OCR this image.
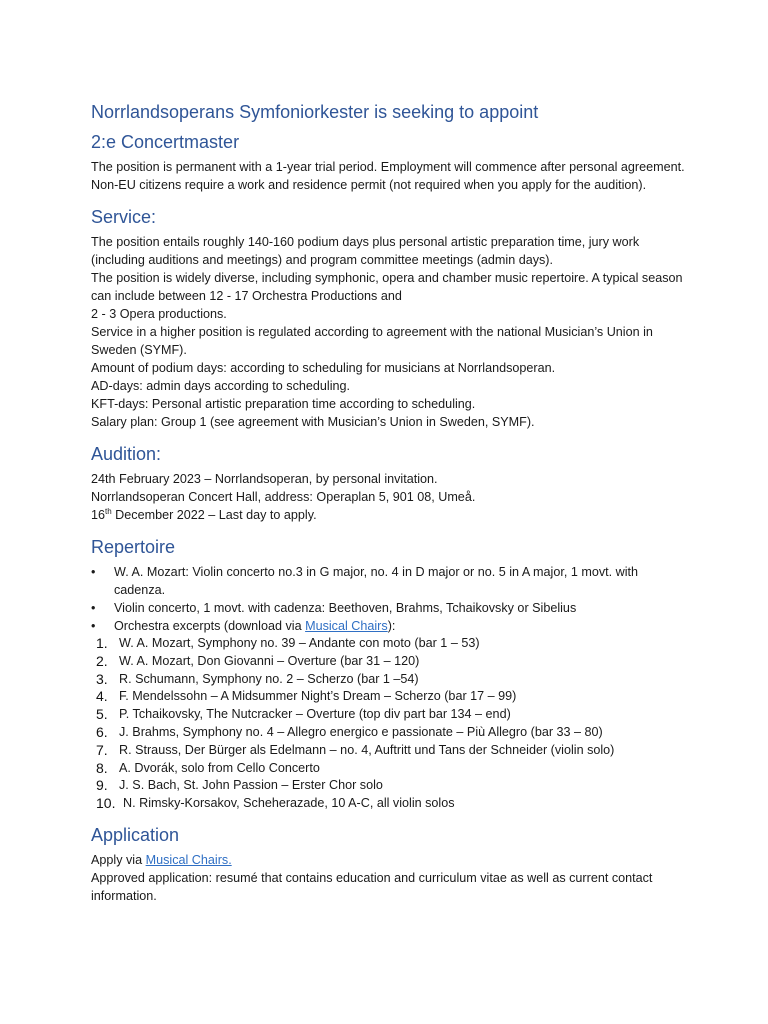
Norrlandsoperans Symfoniorkester is seeking to appoint
2:e Concertmaster

The position is permanent with a 1-year trial period. Employment will commence after personal agreement. Non-EU citizens require a work and residence permit (not required when you apply for the audition).

Service:

The position entails roughly 140-160 podium days plus personal artistic preparation time, jury work (including auditions and meetings) and program committee meetings (admin days).

The position is widely diverse, including symphonic, opera and chamber music repertoire. A typical season can include between 12 - 17 Orchestra Productions and

2 - 3 Opera productions.

Service in a higher position is regulated according to agreement with the national Musician’s Union in Sweden (SYMF).

Amount of podium days: according to scheduling for musicians at Norrlandsoperan.

AD-days: admin days according to scheduling.

KFT-days: Personal artistic preparation time according to scheduling.

Salary plan: Group 1 (see agreement with Musician’s Union in Sweden, SYMF).

Audition:

24th February 2023 – Norrlandsoperan, by personal invitation.

Norrlandsoperan Concert Hall, address: Operaplan 5, 901 08, Umeå.

16th December 2022 – Last day to apply.

Repertoire
• W. A. Mozart: Violin concerto no.3 in G major, no. 4 in D major or no. 5 in A major, 1 movt. with cadenza.
• Violin concerto, 1 movt. with cadenza: Beethoven, Brahms, Tchaikovsky or Sibelius
• Orchestra excerpts (download via Musical Chairs):
1. W. A. Mozart, Symphony no. 39 – Andante con moto (bar 1 – 53)
2. W. A. Mozart, Don Giovanni – Overture (bar 31 – 120)
3. R. Schumann, Symphony no. 2 – Scherzo (bar 1 –54)
4. F. Mendelssohn – A Midsummer Night’s Dream – Scherzo (bar 17 – 99)
5. P. Tchaikovsky, The Nutcracker – Overture (top div part bar 134 – end)
6. J. Brahms, Symphony no. 4 – Allegro energico e passionate – Più Allegro (bar 33 – 80)
7. R. Strauss, Der Bürger als Edelmann – no. 4, Auftritt und Tans der Schneider (violin solo)
8. A. Dvorák, solo from Cello Concerto
9. J. S. Bach, St. John Passion – Erster Chor solo
10. N. Rimsky-Korsakov, Scheherazade, 10 A-C, all violin solos
Application

Apply via Musical Chairs.

Approved application: resumé that contains education and curriculum vitae as well as current contact information.
